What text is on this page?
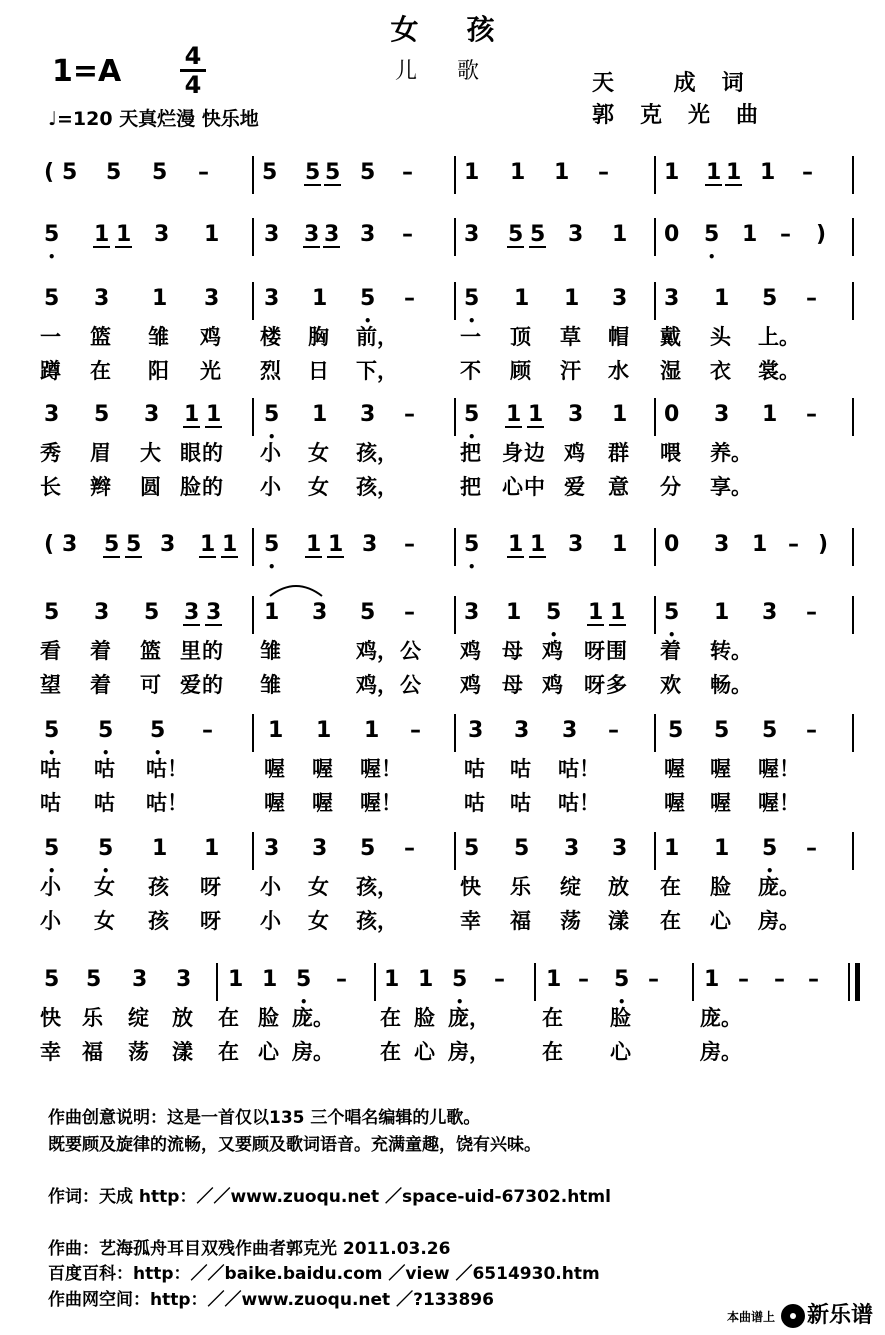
女孩
1=A	4
4	儿歌	天 成词
郭克光曲
♩=120 天真烂漫 快乐地
( 5 5 5 – 5 5 5 5 – 1 1 1 –	1 1 1 1 –
• 5 1 1 3 1 3 3 3 3 – 3 5 5 3 1 0 • 5 1 – )
5 3 1 3 3 1 • 5 – • 5 1 1 3 3 1 5 –
一 篮 雏 鸡 楼 胸 前，	一 顶 草 帽 戴 头 上。
蹲 在 阳 光 烈 日 下，	不 顾 汗 水 湿 衣 裳。
3 5 3 1 1 • 5 1 3 – • 5 1 1 3 1 0 3 1 –
秀 眉 大 眼 的 小 女 孩，	把 身 边 鸡 群 喂 养。
长 辫 圆 脸 的 小 女 孩，	把 心 中 爱 意 分 享。
( 3 5 5 3 1 1 • 5 1 1 3 – • 5 1 1 3 1 0 3 1 – )
5 3 5 3 3 1 3 5 – 3 1 • 5 1 1 • 5 1 3 –
看 着 篮 里 的 雏	鸡， 公 鸡 母 鸡 呀 围 着 转。
望 着 可 爱 的 雏	鸡， 公 鸡 母 鸡 呀 多 欢 畅。
• 5 • 5 • 5 –	1 1 1 – 3 3 3 – 5 5 5 –
咕 咕 咕！	喔 喔 喔！	咕 咕 咕！	喔 喔 喔！
咕 咕 咕！	喔 喔 喔！	咕 咕 咕！	喔 喔 喔！
• 5 • 5 1 1 3 3 5 – 5 5 3 3 1 1 • 5 –
小 女 孩 呀 小 女 孩，	快 乐 绽 放 在 脸 庞。
小 女 孩 呀 小 女 孩，	幸 福 荡 漾 在 心 房。
5 5 3 3 1 1 • 5 – 1 1 • 5 – 1 – • 5 – 1 – – –
快 乐 绽 放 在 脸 庞。 在 脸 庞， 在 脸	庞。
幸 福 荡 漾 在 心 房。 在 心 房， 在 心	房。
作曲创意说明：这是一首仅以135 三个唱名编辑的儿歌。
既要顾及旋律的流畅，又要顾及歌词语音。充满童趣，饶有兴味。
作词：天成 http：／／www.zuoqu.net ／space-uid-67302.html
作曲：艺海孤舟耳目双残作曲者郭克光 2011.03.26
百度百科：http：／／baike.baidu.com ／view ／6514930.htm
作曲网空间：http：／／www.zuoqu.net ／?133896
本曲谱上 新乐谱
